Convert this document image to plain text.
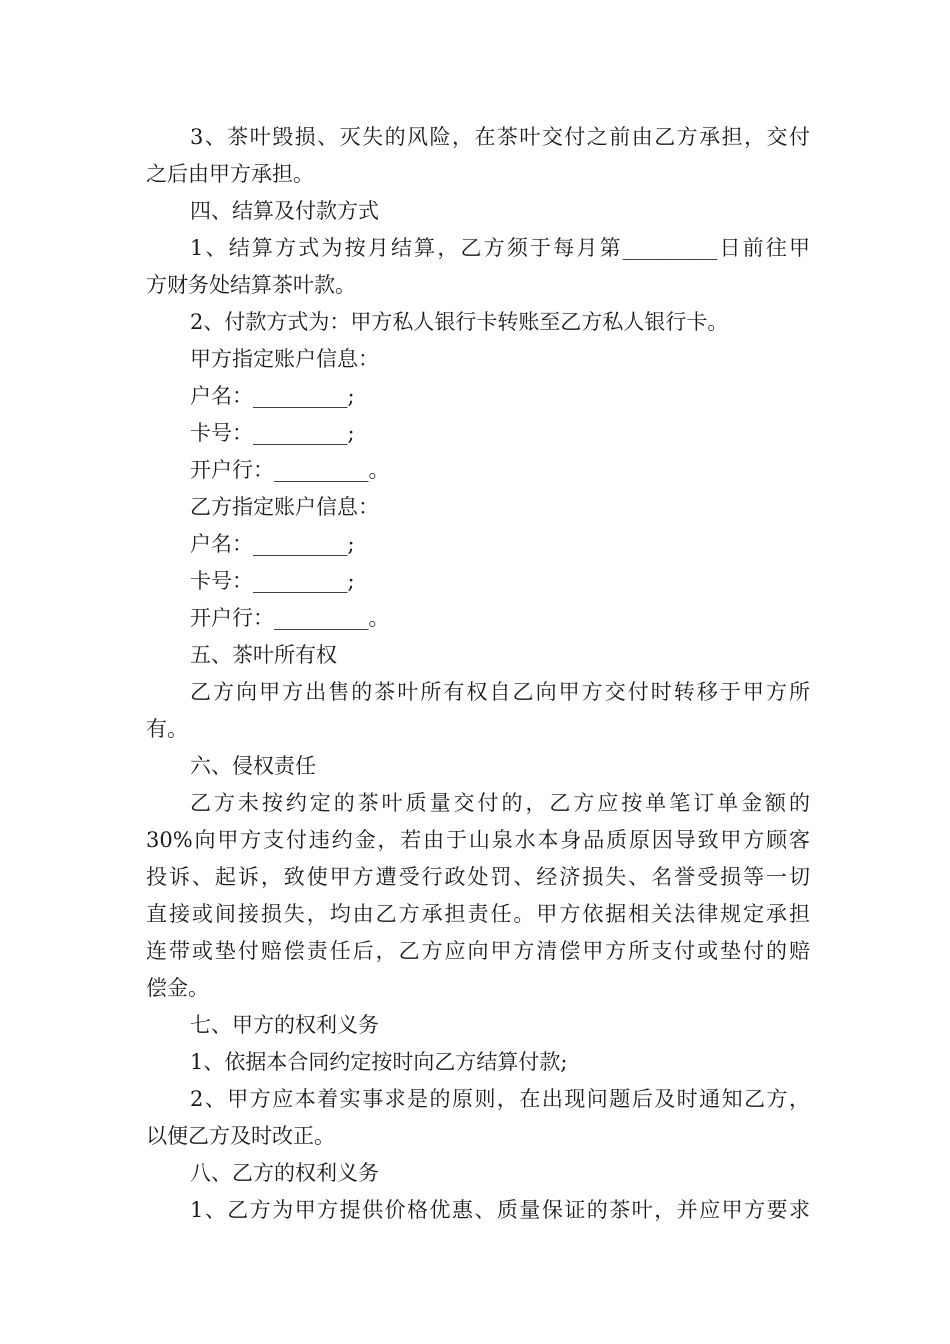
3、茶叶毁损、灭失的风险，在茶叶交付之前由乙方承担，交付
之后由甲方承担。
四、结算及付款方式
1、结算方式为按月结算，乙方须于每月第_________日前往甲
方财务处结算茶叶款。
2、付款方式为：甲方私人银行卡转账至乙方私人银行卡。
甲方指定账户信息：
户名：_________;
卡号：_________;
开户行：_________。
乙方指定账户信息：
户名：_________;
卡号：_________;
开户行：_________。
五、茶叶所有权
乙方向甲方出售的茶叶所有权自乙向甲方交付时转移于甲方所
有。
六、侵权责任
乙方未按约定的茶叶质量交付的，乙方应按单笔订单金额的
30%向甲方支付违约金，若由于山泉水本身品质原因导致甲方顾客
投诉、起诉，致使甲方遭受行政处罚、经济损失、名誉受损等一切
直接或间接损失，均由乙方承担责任。甲方依据相关法律规定承担
连带或垫付赔偿责任后，乙方应向甲方清偿甲方所支付或垫付的赔
偿金。
七、甲方的权利义务
1、依据本合同约定按时向乙方结算付款;
2、甲方应本着实事求是的原则，在出现问题后及时通知乙方，
以便乙方及时改正。
八、乙方的权利义务
1、乙方为甲方提供价格优惠、质量保证的茶叶，并应甲方要求
